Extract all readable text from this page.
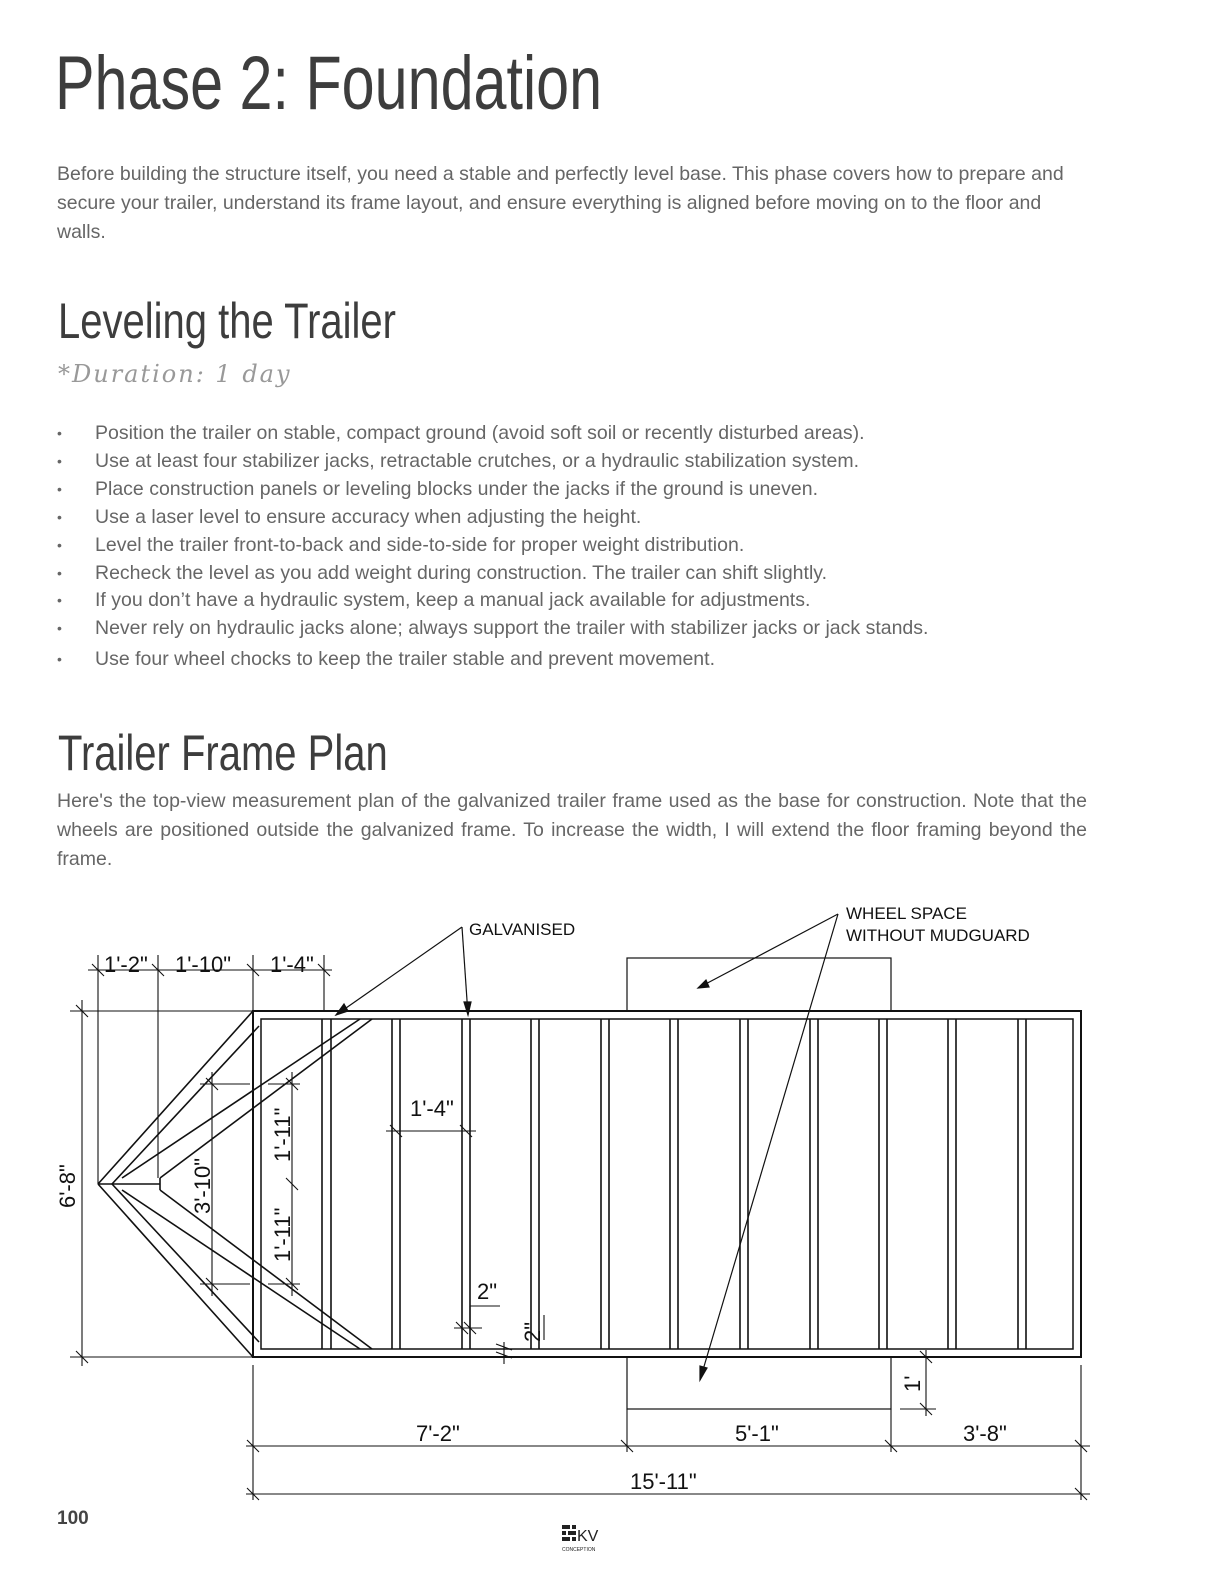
Phase 2: Foundation

Before building the structure itself, you need a stable and perfectly level base. This phase covers how to prepare and secure your trailer, understand its frame layout, and ensure everything is aligned before moving on to the floor and walls.

Leveling the Trailer
*Duration: 1 day
• Position the trailer on stable, compact ground (avoid soft soil or recently disturbed areas).
• Use at least four stabilizer jacks, retractable crutches, or a hydraulic stabilization system.
• Place construction panels or leveling blocks under the jacks if the ground is uneven.
• Use a laser level to ensure accuracy when adjusting the height.
• Level the trailer front-to-back and side-to-side for proper weight distribution.
• Recheck the level as you add weight during construction. The trailer can shift slightly.
• If you don’t have a hydraulic system, keep a manual jack available for adjustments.
• Never rely on hydraulic jacks alone; always support the trailer with stabilizer jacks or jack stands.
• Use four wheel chocks to keep the trailer stable and prevent movement.
Trailer Frame Plan

Here's the top-view measurement plan of the galvanized trailer frame used as the base for construction. Note that the wheels are positioned outside the galvanized frame. To increase the width, I will extend the floor framing beyond the frame.

GALVANISED
WHEEL SPACE
WITHOUT MUDGUARD
1'-2" 1'-10" 1'-4"
6'-8"	3'-10"
1'-11"
1'-11"
1'-4"
2"
2"
1'
7'-2"	5'-1"	3'-8"
15'-11"
100
KV
CONCEPTION
